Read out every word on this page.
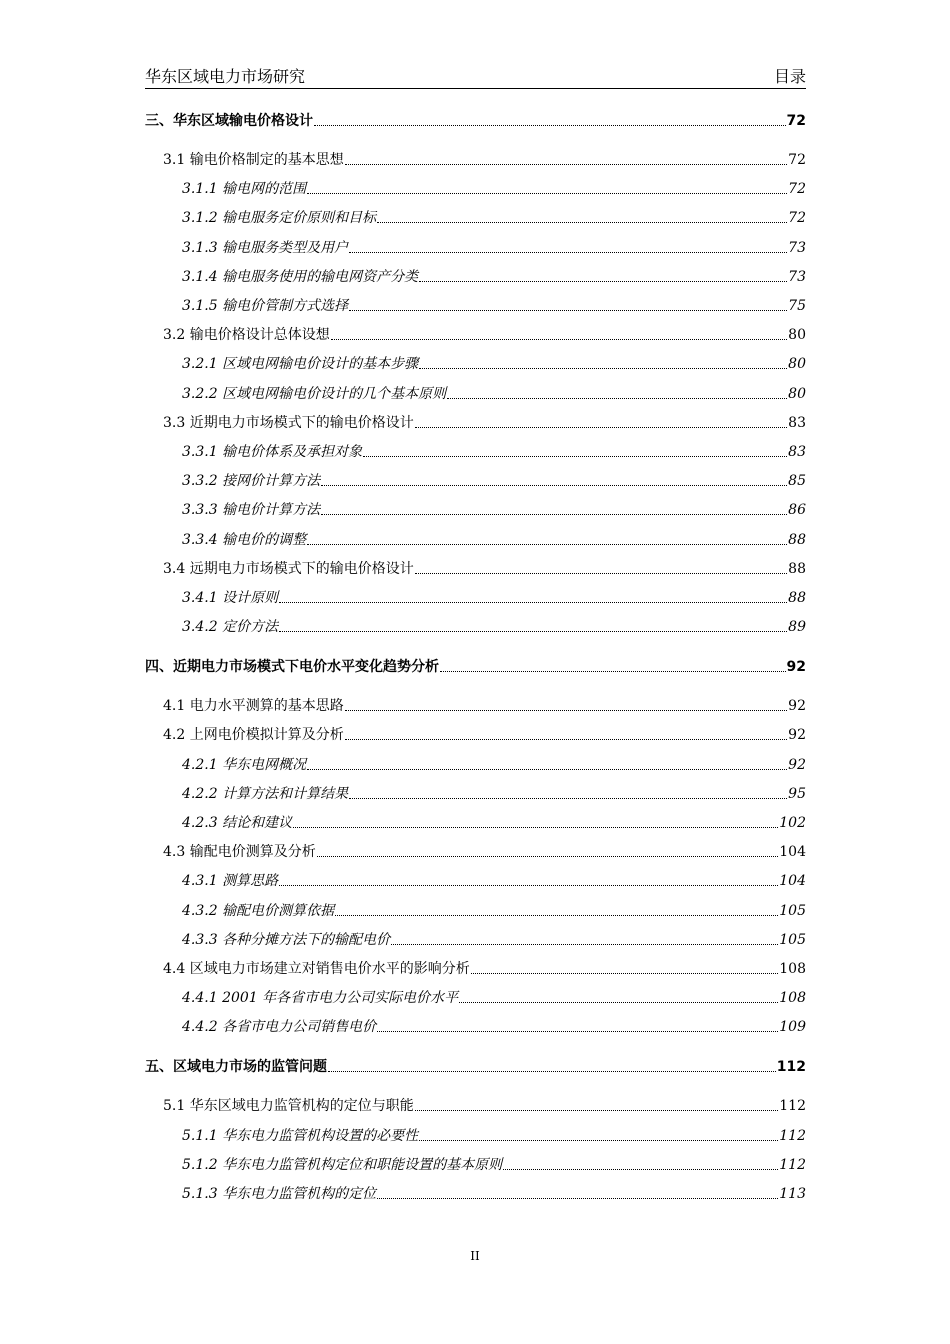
华东区域电力市场研究	目录
三、华东区域输电价格设计	72
3.1 输电价格制定的基本思想	72
3.1.1 输电网的范围	72
3.1.2 输电服务定价原则和目标	72
3.1.3 输电服务类型及用户	73
3.1.4 输电服务使用的输电网资产分类	73
3.1.5 输电价管制方式选择	75
3.2 输电价格设计总体设想	80
3.2.1 区域电网输电价设计的基本步骤	80
3.2.2 区域电网输电价设计的几个基本原则	80
3.3 近期电力市场模式下的输电价格设计	83
3.3.1 输电价体系及承担对象	83
3.3.2 接网价计算方法	85
3.3.3 输电价计算方法	86
3.3.4 输电价的调整	88
3.4 远期电力市场模式下的输电价格设计	88
3.4.1 设计原则	88
3.4.2 定价方法	89
四、近期电力市场模式下电价水平变化趋势分析	92
4.1 电力水平测算的基本思路	92
4.2 上网电价模拟计算及分析	92
4.2.1 华东电网概况	92
4.2.2 计算方法和计算结果	95
4.2.3 结论和建议	102
4.3 输配电价测算及分析	104
4.3.1 测算思路	104
4.3.2 输配电价测算依据	105
4.3.3 各种分摊方法下的输配电价	105
4.4 区域电力市场建立对销售电价水平的影响分析	108
4.4.1 2001 年各省市电力公司实际电价水平	108
4.4.2 各省市电力公司销售电价	109
五、区域电力市场的监管问题	112
5.1 华东区域电力监管机构的定位与职能	112
5.1.1 华东电力监管机构设置的必要性	112
5.1.2 华东电力监管机构定位和职能设置的基本原则	112
5.1.3 华东电力监管机构的定位	113
II
